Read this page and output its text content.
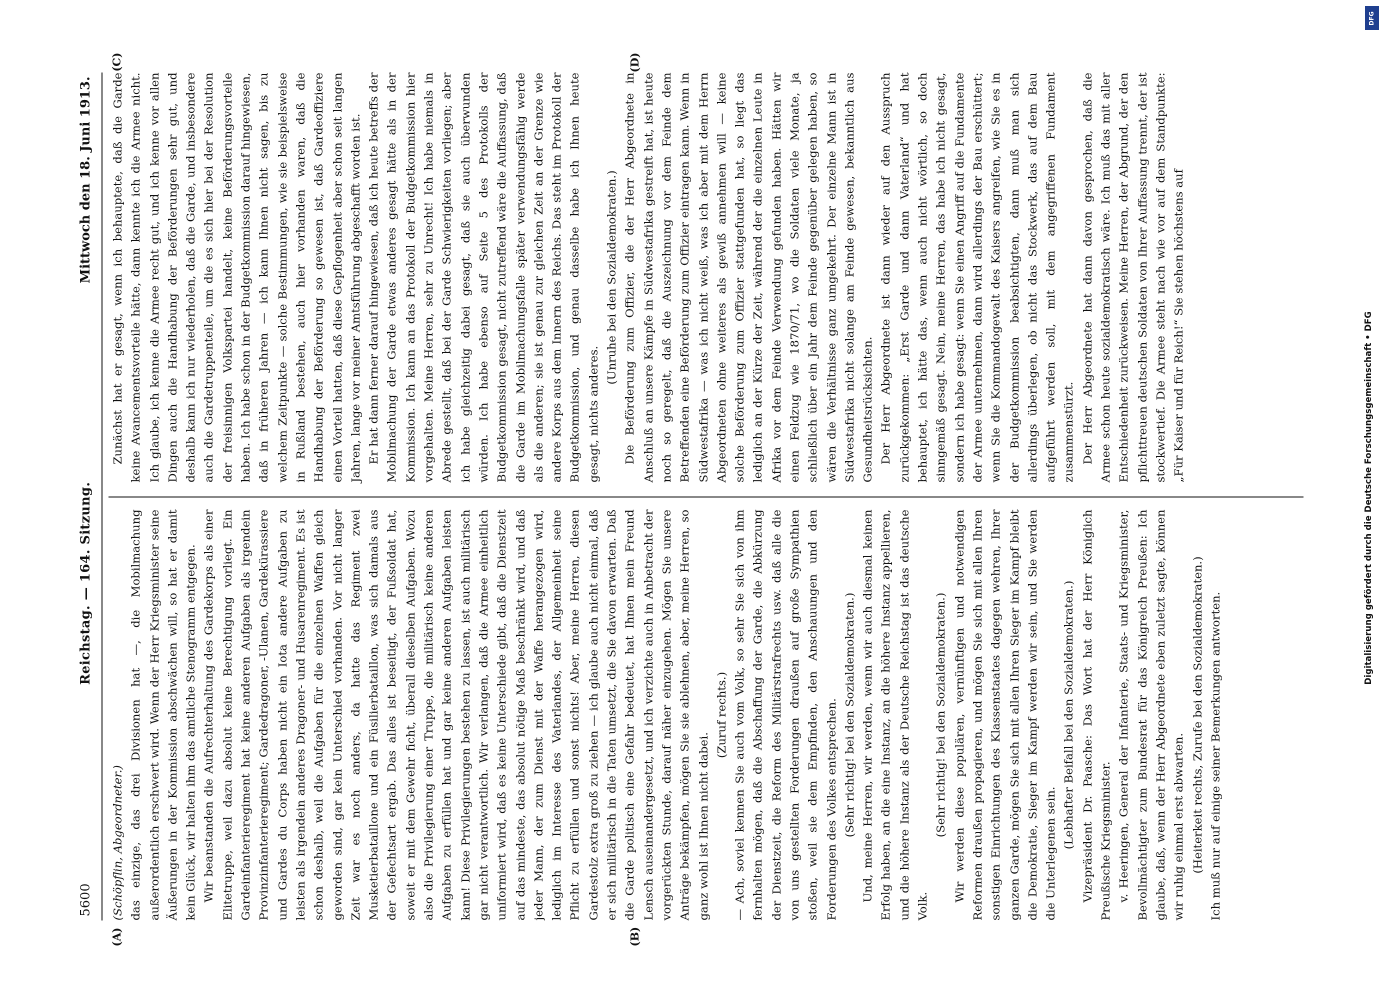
5600
Reichstag. — 164. Sitzung.
Mittwoch den 18. Juni 1913.

(Schöpflin, Abgeordneter.) das einzige, das drei Divisionen hat —, die Mobilmachung außerordentlich erschwert wird. Wenn der Herr Kriegsminister seine Äußerungen in der Kommission abschwächen will, so hat er damit kein Glück, wir halten ihm das amtliche Stenogramm entgegen. Wir beanstanden die Aufrechterhaltung des Gardekorps als einer Elitetruppe, weil dazu absolut keine Berechtigung vorliegt. Ein Gardeinfanterieregiment hat keine anderen Aufgaben als irgendein Provinzinfanterieregiment; Gardedragoner, -Ulanen, Gardekürassiere und Gardes du Corps haben nicht ein Iota andere Aufgaben zu leisten als irgendein anderes Dragoner- und Husarenregiment. Es ist schon deshalb, weil die Aufgaben für die einzelnen Waffen gleich geworden sind, gar kein Unterschied vorhanden. Vor nicht langer Zeit war es noch anders, da hatte das Regiment zwei Musketierbataillone und ein Füsilierbataillon, was sich damals aus der Gefechtsart ergab. Das alles ist beseitigt, der Fußsoldat hat, soweit er mit dem Gewehr ficht, überall dieselben Aufgaben. Wozu also die Privilegierung einer Truppe, die militärisch keine anderen Aufgaben zu erfüllen hat und gar keine anderen Aufgaben leisten kann! Diese Privilegierungen bestehen zu lassen, ist auch militärisch gar nicht verantwortlich. Wir verlangen, daß die Armee einheitlich uniformiert wird, daß es keine Unterschiede gibt, daß die Dienstzeit auf das mindeste, das absolut nötige Maß beschränkt wird, und daß jeder Mann, der zum Dienst mit der Waffe herangezogen wird, lediglich im Interesse des Vaterlandes, der Allgemeinheit seine Pflicht zu erfüllen und sonst nichts! Aber, meine Herren, diesen Gardestolz extra groß zu ziehen — ich glaube auch nicht einmal, daß er sich militärisch in die Taten umsetzt, die Sie davon erwarten. Daß die Garde politisch eine Gefahr bedeutet, hat Ihnen mein Freund Lensch auseinandergesetzt, und ich verzichte auch in Anbetracht der vorgerückten Stunde, darauf näher einzugehen. Mögen Sie unsere Anträge bekämpfen, mögen Sie sie ablehnen, aber, meine Herren, so ganz wohl ist Ihnen nicht dabei.

(Zuruf rechts.) — Ach, soviel kennen Sie auch vom Volk, so sehr Sie sich von ihm fernhalten mögen, daß die Abschaffung der Garde, die Abkürzung der Dienstzeit, die Reform des Militärstrafrechts usw. daß alle die von uns gestellten Forderungen draußen auf große Sympathien stoßen, weil sie dem Empfinden, den Anschauungen und den Forderungen des Volkes entsprechen. (Sehr richtig! bei den Sozialdemokraten.) Und, meine Herren, wir werden, wenn wir auch diesmal keinen Erfolg haben, an die eine Instanz, an die höhere Instanz appellieren, und die höhere Instanz als der Deutsche Reichstag ist das deutsche Volk.

(Sehr richtig! bei den Sozialdemokraten.) Wir werden diese populären, vernünftigen und notwendigen Reformen draußen propagieren, und mögen Sie sich mit allen Ihren sonstigen Einrichtungen des Klassenstaates dagegen wehren, Ihrer ganzen Garde, mögen Sie sich mit allen Ihren Sieger im Kampf bleibt die Demokratie, Sieger im Kampf werden wir sein, und Sie werden die Unterlegenen sein.

(Lebhafter Beifall bei den Sozialdemokraten.) Vizepräsident Dr. Paasche: Das Wort hat der Herr Königlich Preußische Kriegsminister. v. Heeringen, General der Infanterie, Staats- und Kriegsminister, Bevollmächtigter zum Bundesrat für das Königreich Preußen: Ich glaube, daß, wenn der Herr Abgeordnete eben zuletzt sagte, können wir ruhig einmal erst abwarten. (Heiterkeit rechts, Zurufe bei den Sozialdemokraten.) Ich muß nur auf einige seiner Bemerkungen antworten.

Zunächst hat er gesagt, wenn ich behauptete, daß die Garde keine Avancementsvorteile hätte, dann kennte ich die Armee nicht. Ich glaube, ich kenne die Armee recht gut, und ich kenne vor allen Dingen auch die Handhabung der Beförderungen sehr gut, und deshalb kann ich nur wiederholen, daß die Garde, und insbesondere auch die Gardetruppenteile, um die es sich hier bei der Resolution der freisinnigen Volkspartei handelt, keine Beförderungsvorteile haben. Ich habe schon in der Budgetkommission darauf hingewiesen, daß in früheren Jahren — ich kann Ihnen nicht sagen, bis zu welchem Zeitpunkte — solche Bestimmungen, wie sie beispielsweise in Rußland bestehen, auch hier vorhanden waren, daß die Handhabung der Beförderung so gewesen ist, daß Gardeoffiziere einen Vorteil hatten, daß diese Gepflogenheit aber schon seit langen Jahren, lange vor meiner Amtsführung abgeschafft worden ist. Er hat dann ferner darauf hingewiesen, daß ich heute betreffs der Mobilmachung der Garde etwas anderes gesagt hätte als in der Kommission. Ich kann an das Protokoll der Budgetkommission hier vorgehalten. Meine Herren, sehr zu Unrecht! Ich habe niemals in Abrede gestellt, daß bei der Garde Schwierigkeiten vorliegen; aber ich habe gleichzeitig dabei gesagt, daß sie auch überwunden würden. Ich habe ebenso auf Seite 5 des Protokolls der Budgetkommission gesagt, nicht zutreffend wäre die Auffassung, daß die Garde im Mobilmachungsfalle später verwendungsfähig werde als die anderen; sie ist genau zur gleichen Zeit an der Grenze wie andere Korps aus dem Innern des Reichs. Das steht im Protokoll der Budgetkommission, und genau dasselbe habe ich Ihnen heute gesagt, nichts anderes.

(Unruhe bei den Sozialdemokraten.) Die Beförderung zum Offizier, die der Herr Abgeordnete in Anschluß an unsere Kämpfe in Südwestafrika gestreift hat, ist heute noch so geregelt, daß die Auszeichnung vor dem Feinde dem Betreffenden eine Beförderung zum Offizier eintragen kann. Wenn in Südwestafrika — was ich nicht weiß, was ich aber mit dem Herrn Abgeordneten ohne weiteres als gewiß annehmen will — keine solche Beförderung zum Offizier stattgefunden hat, so liegt das lediglich an der Kürze der Zeit, während der die einzelnen Leute in Afrika vor dem Feinde Verwendung gefunden haben. Hätten wir einen Feldzug wie 1870/71, wo die Soldaten viele Monate, ja schließlich über ein Jahr dem Feinde gegenüber gelegen haben, so wären die Verhältnisse ganz umgekehrt. Der einzelne Mann ist in Südwestafrika nicht solange am Feinde gewesen, bekanntlich aus Gesundheitsrücksichten. Der Herr Abgeordnete ist dann wieder auf den Ausspruch zurückgekommen: „Erst Garde und dann Vaterland“ und hat behauptet, ich hätte das, wenn auch nicht wörtlich, so doch sinngemäß gesagt. Nein, meine Herren, das habe ich nicht gesagt, sondern ich habe gesagt: wenn Sie einen Angriff auf die Fundamente der Armee unternehmen, dann wird allerdings der Bau erschüttert; wenn Sie die Kommandogewalt des Kaisers angreifen, wie Sie es in der Budgetkommission beabsichtigten, dann muß man sich allerdings überlegen, ob nicht das Stockwerk, das auf dem Bau aufgeführt werden soll, mit dem angegriffenen Fundament zusammenstürzt. Der Herr Abgeordnete hat dann davon gesprochen, daß die Armee schon heute sozialdemokratisch wäre. Ich muß das mit aller Entschiedenheit zurückweisen. Meine Herren, der Abgrund, der den pflichttreuen deutschen Soldaten von Ihrer Auffassung trennt, der ist stockwertief. Die Armee steht nach wie vor auf dem Standpunkte: „Für Kaiser und für Reich!“ Sie stehen höchstens auf

(A)	(B)
(C)	(D)
DFG
Digitalisierung gefördert durch die Deutsche Forschungsgemeinschaft • DFG
